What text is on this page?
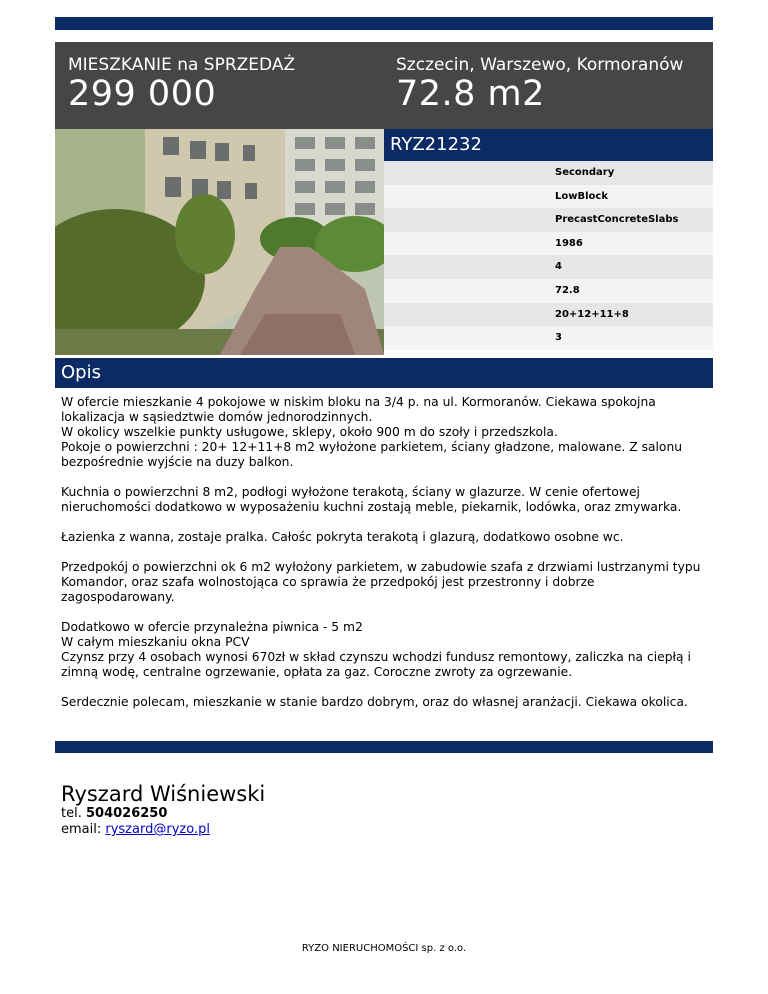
MIESZKANIE na SPRZEDAŻ
299 000
Szczecin, Warszewo, Kormoranów
72.8 m2
RYZ21232
Secondary
LowBlock
PrecastConcreteSlabs
1986
4
72.8
20+12+11+8
3
Opis

W ofercie mieszkanie 4 pokojowe w niskim bloku na 3/4 p. na ul. Kormoranów. Ciekawa spokojna lokalizacja w sąsiedztwie domów jednorodzinnych.
W okolicy wszelkie punkty usługowe, sklepy, około 900 m do szoły i przedszkola.
Pokoje o powierzchni : 20+ 12+11+8 m2 wyłożone parkietem, ściany gładzone, malowane. Z salonu bezpośrednie wyjście na duzy balkon.

Kuchnia o powierzchni 8 m2, podłogi wyłożone terakotą, ściany w glazurze. W cenie ofertowej nieruchomości dodatkowo w wyposażeniu kuchni zostają meble, piekarnik, lodówka, oraz zmywarka.

Łazienka z wanna, zostaje pralka. Całośc pokryta terakotą i glazurą, dodatkowo osobne wc.

Przedpokój o powierzchni ok 6 m2 wyłożony parkietem, w zabudowie szafa z drzwiami lustrzanymi typu Komandor, oraz szafa wolnostojąca co sprawia że przedpokój jest przestronny i dobrze zagospodarowany.

Dodatkowo w ofercie przynależna piwnica - 5 m2
W całym mieszkaniu okna PCV
Czynsz przy 4 osobach wynosi 670zł w skład czynszu wchodzi fundusz remontowy, zaliczka na ciepłą i zimną wodę, centralne ogrzewanie, opłata za gaz. Coroczne zwroty za ogrzewanie.

Serdecznie polecam, mieszkanie w stanie bardzo dobrym, oraz do własnej aranżacji. Ciekawa okolica.

Ryszard Wiśniewski
tel. 504026250
email: ryszard@ryzo.pl
RYZO NIERUCHOMOŚCI sp. z o.o.
